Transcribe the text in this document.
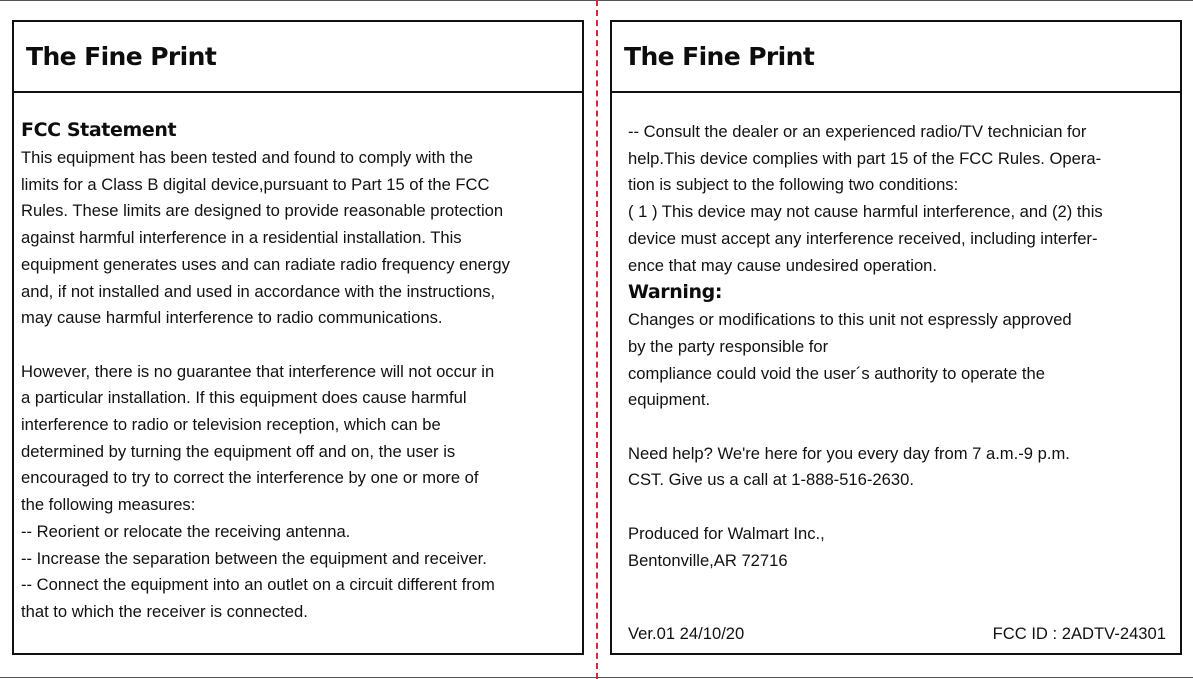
The Fine Print
FCC Statement

This equipment has been tested and found to comply with the
limits for a Class B digital device,pursuant to Part 15 of the FCC
Rules. These limits are designed to provide reasonable protection
against harmful interference in a residential installation. This
equipment generates uses and can radiate radio frequency energy
and, if not installed and used in accordance with the instructions,
may cause harmful interference to radio communications.

However, there is no guarantee that interference will not occur in
a particular installation. If this equipment does cause harmful
interference to radio or television reception, which can be
determined by turning the equipment off and on, the user is
encouraged to try to correct the interference by one or more of
the following measures:

-- Reorient or relocate the receiving antenna.

-- Increase the separation between the equipment and receiver.

-- Connect the equipment into an outlet on a circuit different from
that to which the receiver is connected.

The Fine Print

-- Consult the dealer or an experienced radio/TV technician for
help.This device complies with part 15 of the FCC Rules. Opera-
tion is subject to the following two conditions:
( 1 ) This device may not cause harmful interference, and (2) this
device must accept any interference received, including interfer-
ence that may cause undesired operation.

Warning:

Changes or modifications to this unit not espressly approved
by the party responsible for
compliance could void the user´s authority to operate the
equipment.

Need help? We're here for you every day from 7 a.m.-9 p.m.
CST. Give us a call at 1-888-516-2630.

Produced for Walmart Inc.,
Bentonville,AR 72716

Ver.01 24/10/20	FCC ID : 2ADTV-24301
